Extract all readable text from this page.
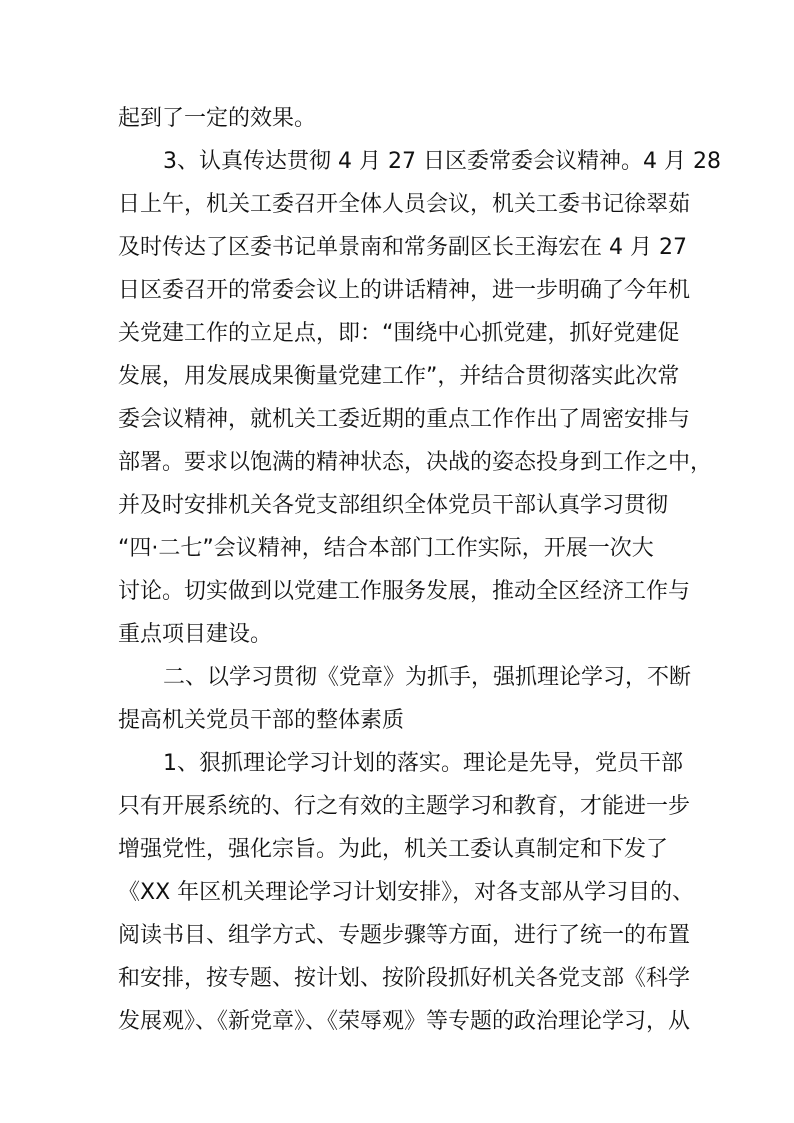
起到了一定的效果。
3、认真传达贯彻 4 月 27 日区委常委会议精神。4 月 28
日上午，机关工委召开全体人员会议，机关工委书记徐翠茹
及时传达了区委书记单景南和常务副区长王海宏在 4 月 27
日区委召开的常委会议上的讲话精神，进一步明确了今年机
关党建工作的立足点，即：“围绕中心抓党建，抓好党建促
发展，用发展成果衡量党建工作”，并结合贯彻落实此次常
委会议精神，就机关工委近期的重点工作作出了周密安排与
部署。要求以饱满的精神状态，决战的姿态投身到工作之中，
并及时安排机关各党支部组织全体党员干部认真学习贯彻
“四·二七”会议精神，结合本部门工作实际，开展一次大
讨论。切实做到以党建工作服务发展，推动全区经济工作与
重点项目建设。
二、以学习贯彻《党章》为抓手，强抓理论学习，不断
提高机关党员干部的整体素质
1、狠抓理论学习计划的落实。理论是先导，党员干部
只有开展系统的、行之有效的主题学习和教育，才能进一步
增强党性，强化宗旨。为此，机关工委认真制定和下发了
《XX 年区机关理论学习计划安排》，对各支部从学习目的、
阅读书目、组学方式、专题步骤等方面，进行了统一的布置
和安排，按专题、按计划、按阶段抓好机关各党支部《科学
发展观》、《新党章》、《荣辱观》等专题的政治理论学习，从
